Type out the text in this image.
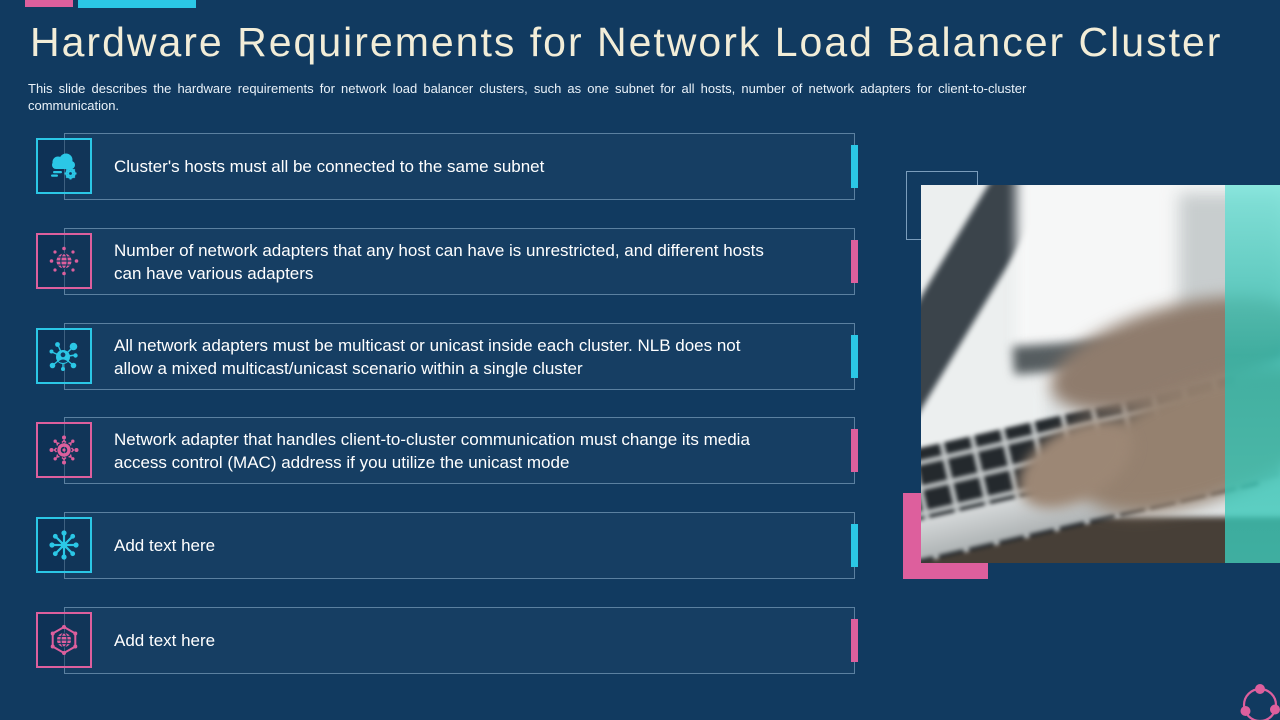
Hardware Requirements for Network Load Balancer Cluster
This slide describes the hardware requirements for network load balancer clusters, such as one subnet for all hosts, number of network adapters for client-to-cluster communication.
Cluster's hosts must all be connected to the same subnet
Number of network adapters that any host can have is unrestricted, and different hosts can have various adapters
All network adapters must be multicast or unicast inside each cluster. NLB does not allow a mixed multicast/unicast scenario within a single cluster
Network adapter that handles client-to-cluster communication must change its media access control (MAC) address if you utilize the unicast mode
Add text here
Add text here
